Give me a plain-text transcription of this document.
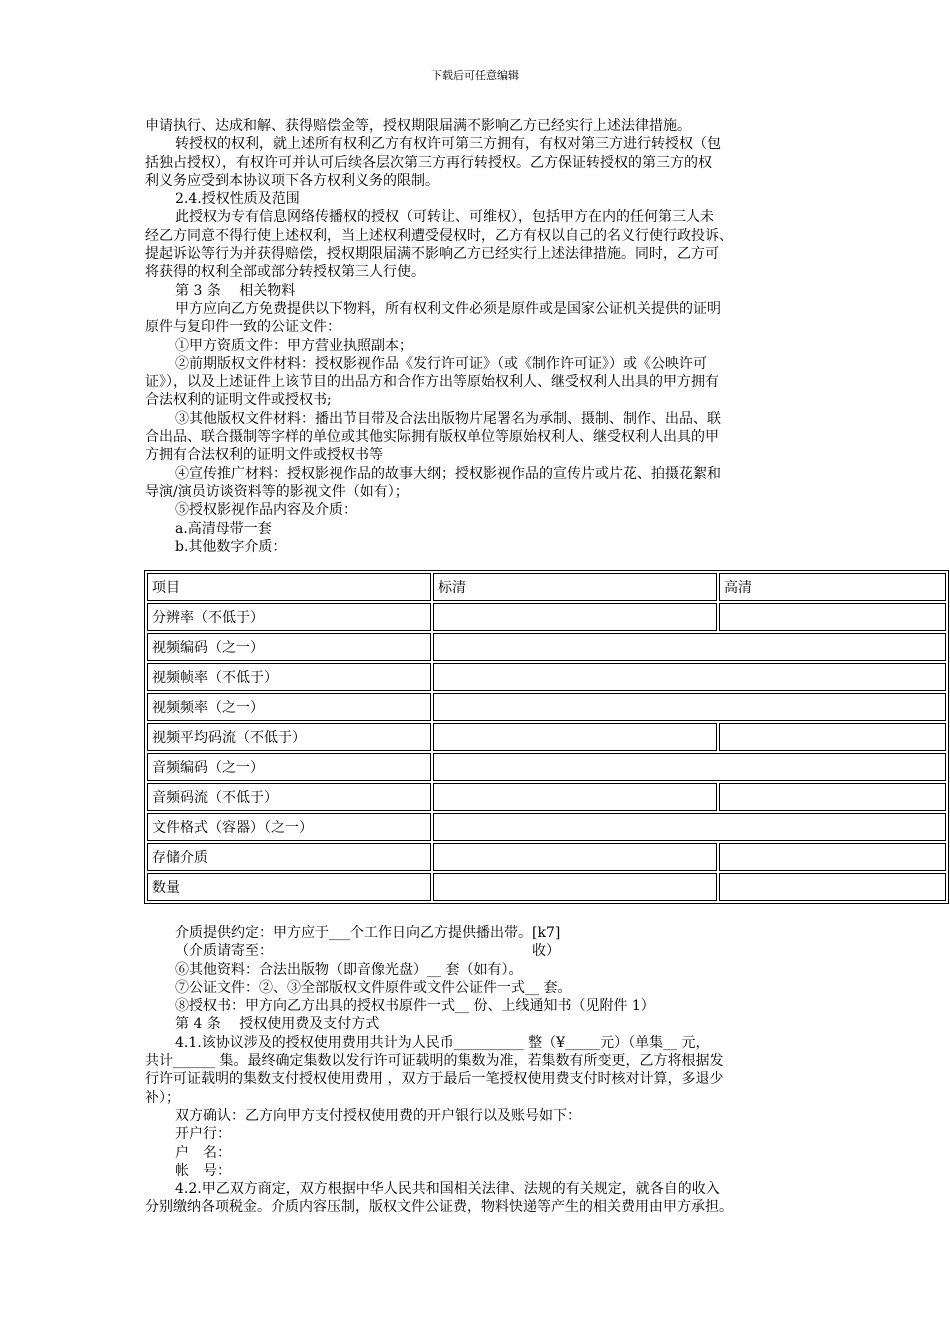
下载后可任意编辑

申请执行、达成和解、获得赔偿金等，授权期限届满不影响乙方已经实行上述法律措施。

转授权的权利，就上述所有权利乙方有权许可第三方拥有，有权对第三方进行转授权（包

括独占授权），有权许可并认可后续各层次第三方再行转授权。乙方保证转授权的第三方的权

利义务应受到本协议项下各方权利义务的限制。

2.4.授权性质及范围

此授权为专有信息网络传播权的授权（可转让、可维权），包括甲方在内的任何第三人未

经乙方同意不得行使上述权利，当上述权利遭受侵权时，乙方有权以自己的名义行使行政投诉、

提起诉讼等行为并获得赔偿，授权期限届满不影响乙方已经实行上述法律措施。同时，乙方可

将获得的权利全部或部分转授权第三人行使。

第 3 条　 相关物料

甲方应向乙方免费提供以下物料，所有权利文件必须是原件或是国家公证机关提供的证明

原件与复印件一致的公证文件：

①甲方资质文件：甲方营业执照副本；

②前期版权文件材料：授权影视作品《发行许可证》（或《制作许可证》）或《公映许可

证》），以及上述证件上该节目的出品方和合作方出等原始权利人、继受权利人出具的甲方拥有

合法权利的证明文件或授权书;

③其他版权文件材料：播出节目带及合法出版物片尾署名为承制、摄制、制作、出品、联

合出品、联合摄制等字样的单位或其他实际拥有版权单位等原始权利人、继受权利人出具的甲

方拥有合法权利的证明文件或授权书等

④宣传推广材料：授权影视作品的故事大纲；授权影视作品的宣传片或片花、拍摄花絮和

导演/演员访谈资料等的影视文件（如有）；

⑤授权影视作品内容及介质：

a.高清母带一套

b.其他数字介质：

项目	标清	高清
分辨率（不低于）		
视频编码（之一）		
视频帧率（不低于）		
视频频率（之一）		
视频平均码流（不低于）		
音频编码（之一）		
音频码流（不低于）		
文件格式（容器）（之一）		
存储介质		
数量		

介质提供约定：甲方应于___个工作日向乙方提供播出带。[k7]

（介质请寄至：　　　　　　　　　　　　　　　　　　　收）

⑥其他资料：合法出版物（即音像光盘）__ 套（如有）。

⑦公证文件：②、③全部版权文件原件或文件公证件一式__ 套。

⑧授权书：甲方向乙方出具的授权书原件一式__ 份、上线通知书（见附件 1）

第 4 条　 授权使用费及支付方式

4.1.该协议涉及的授权使用费用共计为人民币__________ 整（¥_____元）（单集__ 元，

共计______ 集。最终确定集数以发行许可证载明的集数为准，若集数有所变更，乙方将根据发

行许可证载明的集数支付授权使用费用 ，双方于最后一笔授权使用费支付时核对计算，多退少

补）；

双方确认：乙方向甲方支付授权使用费的开户银行以及账号如下：

开户行：

户　名：

帐　号：

4.2.甲乙双方商定，双方根据中华人民共和国相关法律、法规的有关规定，就各自的收入

分别缴纳各项税金。介质内容压制，版权文件公证费，物料快递等产生的相关费用由甲方承担。
